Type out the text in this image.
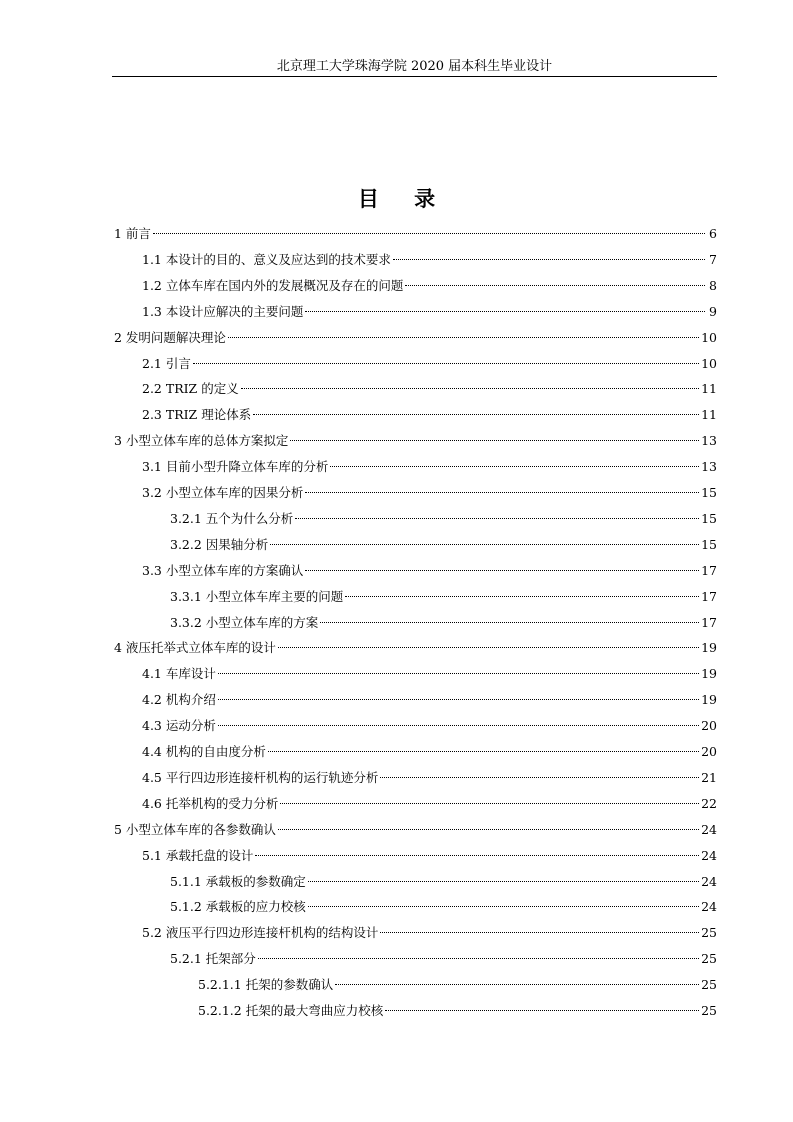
北京理工大学珠海学院 2020 届本科生毕业设计
目 录
1 前言	6
1.1 本设计的目的、意义及应达到的技术要求	7
1.2 立体车库在国内外的发展概况及存在的问题	8
1.3 本设计应解决的主要问题	9
2 发明问题解决理论	10
2.1 引言	10
2.2 TRIZ 的定义	11
2.3 TRIZ 理论体系	11
3 小型立体车库的总体方案拟定	13
3.1 目前小型升降立体车库的分析	13
3.2 小型立体车库的因果分析	15
3.2.1 五个为什么分析	15
3.2.2 因果轴分析	15
3.3 小型立体车库的方案确认	17
3.3.1 小型立体车库主要的问题	17
3.3.2 小型立体车库的方案	17
4 液压托举式立体车库的设计	19
4.1 车库设计	19
4.2 机构介绍	19
4.3 运动分析	20
4.4 机构的自由度分析	20
4.5 平行四边形连接杆机构的运行轨迹分析	21
4.6 托举机构的受力分析	22
5 小型立体车库的各参数确认	24
5.1 承载托盘的设计	24
5.1.1 承载板的参数确定	24
5.1.2 承载板的应力校核	24
5.2 液压平行四边形连接杆机构的结构设计	25
5.2.1 托架部分	25
5.2.1.1 托架的参数确认	25
5.2.1.2 托架的最大弯曲应力校核	25
